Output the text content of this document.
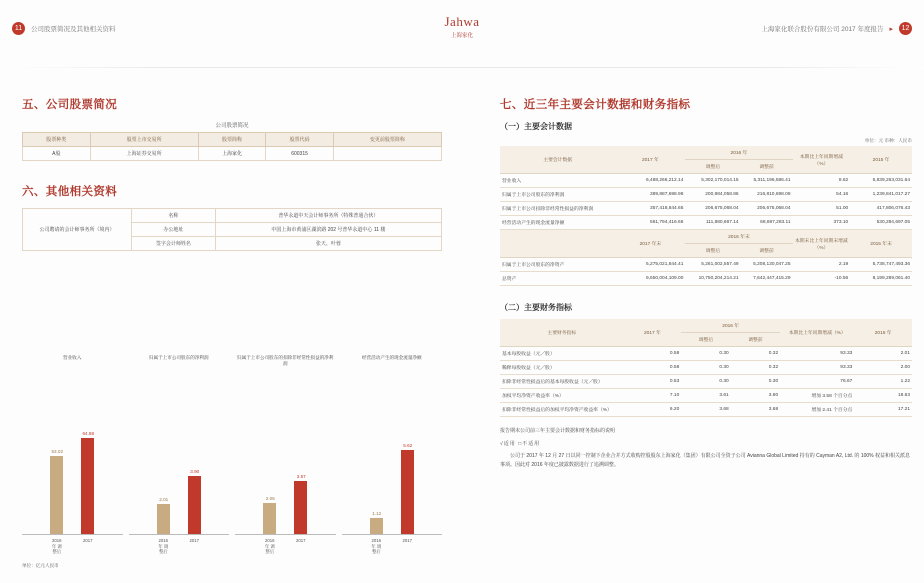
11	公司股票简况及其他相关资料
Jahwa
上海家化
上海家化联合股份有限公司 2017 年度报告 ▸	12
五、公司股票简况
公司股票简况
股票种类	股票上市交易所	股票简称	股票代码	变更前股票简称
A股	上海证券交易所	上海家化	600315	
六、其他相关资料
公司聘请的会计师事务所（境内）	名称	普华永道中天会计师事务所（特殊普通合伙）
	办公地址	中国上海市黄浦区湖滨路 202 号普华永道中心 11 楼
	签字会计师姓名	张天、叶蓉
营业收入
53.02
64.88
2016年 调整后
2017
单位：亿元人民币
归属于上市公司股东的净利润
2.01
3.90
2016年 调整后
2017
归属于上市公司股东的扣除非经常性损益的净利润
2.08
3.57
2016年 调整后
2017
经营活动产生的现金流量净额
1.12
5.62
2016年 调整后
2017
七、近三年主要会计数据和财务指标
（一）主要会计数据
单位：元 币种：人民币
主要会计数据	2017 年	2016 年		本期比上年同期增减（%）	2015 年
		调整后	调整前		
营业收入	6,488,266,212.14	5,302,170,014.15	5,311,196,586.41	8.62	5,839,263,031.64
归属于上市公司股东的净利润	389,887,698.98	200,984,058.86	216,810,698.08	54.16	1,239,841,017.27
归属于上市公司扣除非经常性损益的净利润	357,418,844.65	206,675,068.04	206,675,068.04	51.00	417,806,076.43
经营活动产生的现金流量净额	561,794,416.66	111,880,667.14	68,697,283.11	373.10	530,284,697.05
	2017 年末	2016 年末		本期末比上年同期末增减（%）	2015 年末
		调整后	调整前		
归属于上市公司股东的净资产	5,275,021,844.41	5,261,002,557.49	5,208,130,047.25	2.19	5,738,747,493.36
总资产	9,650,004,109.00	10,750,204,214.21	7,642,447,415.29	-10.56	8,199,289,061.40
（二）主要财务指标
主要财务指标	2017 年	2016 年		本期比上年同期增减（%）	2015 年
		调整后	调整前		
基本每股收益（元／股）	0.58	0.30	0.32	93.33	2.01
稀释每股收益（元／股）	0.58	0.30	0.32	93.33	2.00
扣除非经常性损益后的基本每股收益（元／股）	0.53	0.30	0.30	76.67	1.22
加权平均净资产收益率（%）	7.10	3.61	3.80	增加 3.58 个百分点	18.63
扣除非经常性损益后的加权平均净资产收益率（%）	6.20	3.68	3.68	增加 2.41 个百分点	17.21

报告期末公司前三年主要会计数据和财务指标的说明

√适用 □不适用

公司于 2017 年 12 月 27 日以同一控制下企业合并方式收购控股股东上海家化（集团）有限公司全资子公司 Avianna Global Limited 持有的 Cayman A2, Ltd. 的 100% 权益和相关派息事项。因此对 2016 年度已披露数据进行了追溯调整。
